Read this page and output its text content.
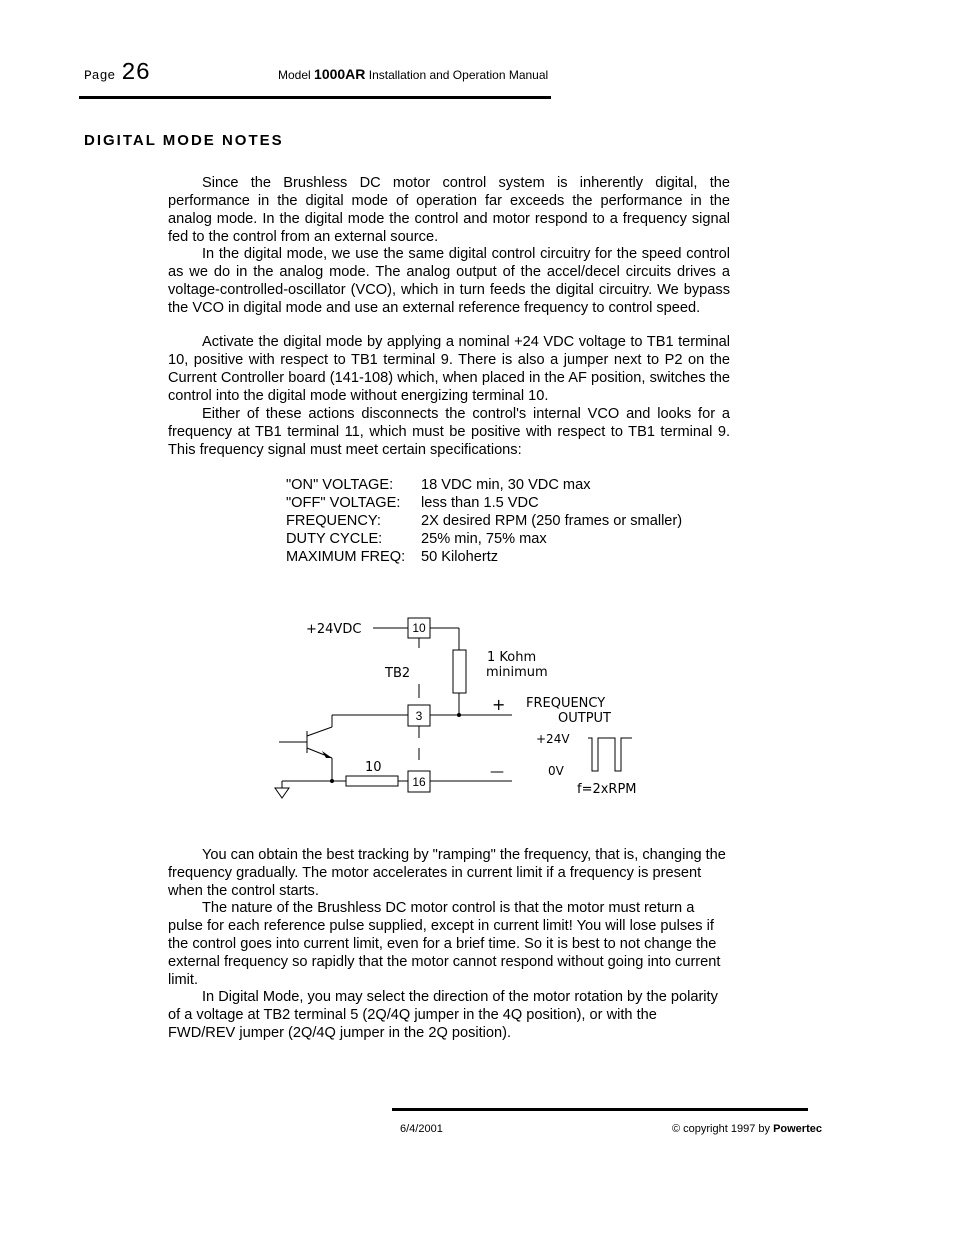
Page 26	Model 1000AR Installation and Operation Manual
DIGITAL MODE NOTES

Since the Brushless DC motor control system is inherently digital, the performance in the digital mode of operation far exceeds the performance in the analog mode. In the digital mode the control and motor respond to a frequency signal fed to the control from an external source.

In the digital mode, we use the same digital control circuitry for the speed control as we do in the analog mode. The analog output of the accel/decel circuits drives a voltage-controlled-oscillator (VCO), which in turn feeds the digital circuitry. We bypass the VCO in digital mode and use an external reference frequency to control speed.

Activate the digital mode by applying a nominal +24 VDC voltage to TB1 terminal 10, positive with respect to TB1 terminal 9. There is also a jumper next to P2 on the Current Controller board (141-108) which, when placed in the AF position, switches the control into the digital mode without energizing terminal 10.

Either of these actions disconnects the control's internal VCO and looks for a frequency at TB1 terminal 11, which must be positive with respect to TB1 terminal 9. This frequency signal must meet certain specifications:

"ON" VOLTAGE:	18 VDC min, 30 VDC max
"OFF" VOLTAGE:	less than 1.5 VDC
FREQUENCY:	2X desired RPM (250 frames or smaller)
DUTY CYCLE:	25% min, 75% max
MAXIMUM FREQ:	50 Kilohertz
10
3
16
+24VDC
TB2
1 Kohm
minimum
10
+
—
FREQUENCY
OUTPUT
+24V
0V
f=2xRPM

You can obtain the best tracking by "ramping" the frequency, that is, changing the frequency gradually. The motor accelerates in current limit if a frequency is present when the control starts.

The nature of the Brushless DC motor control is that the motor must return a pulse for each reference pulse supplied, except in current limit! You will lose pulses if the control goes into current limit, even for a brief time. So it is best to not change the external frequency so rapidly that the motor cannot respond without going into current limit.

In Digital Mode, you may select the direction of the motor rotation by the polarity of a voltage at TB2 terminal 5 (2Q/4Q jumper in the 4Q position), or with the FWD/REV jumper (2Q/4Q jumper in the 2Q position).

6/4/2001	© copyright 1997 by Powertec
